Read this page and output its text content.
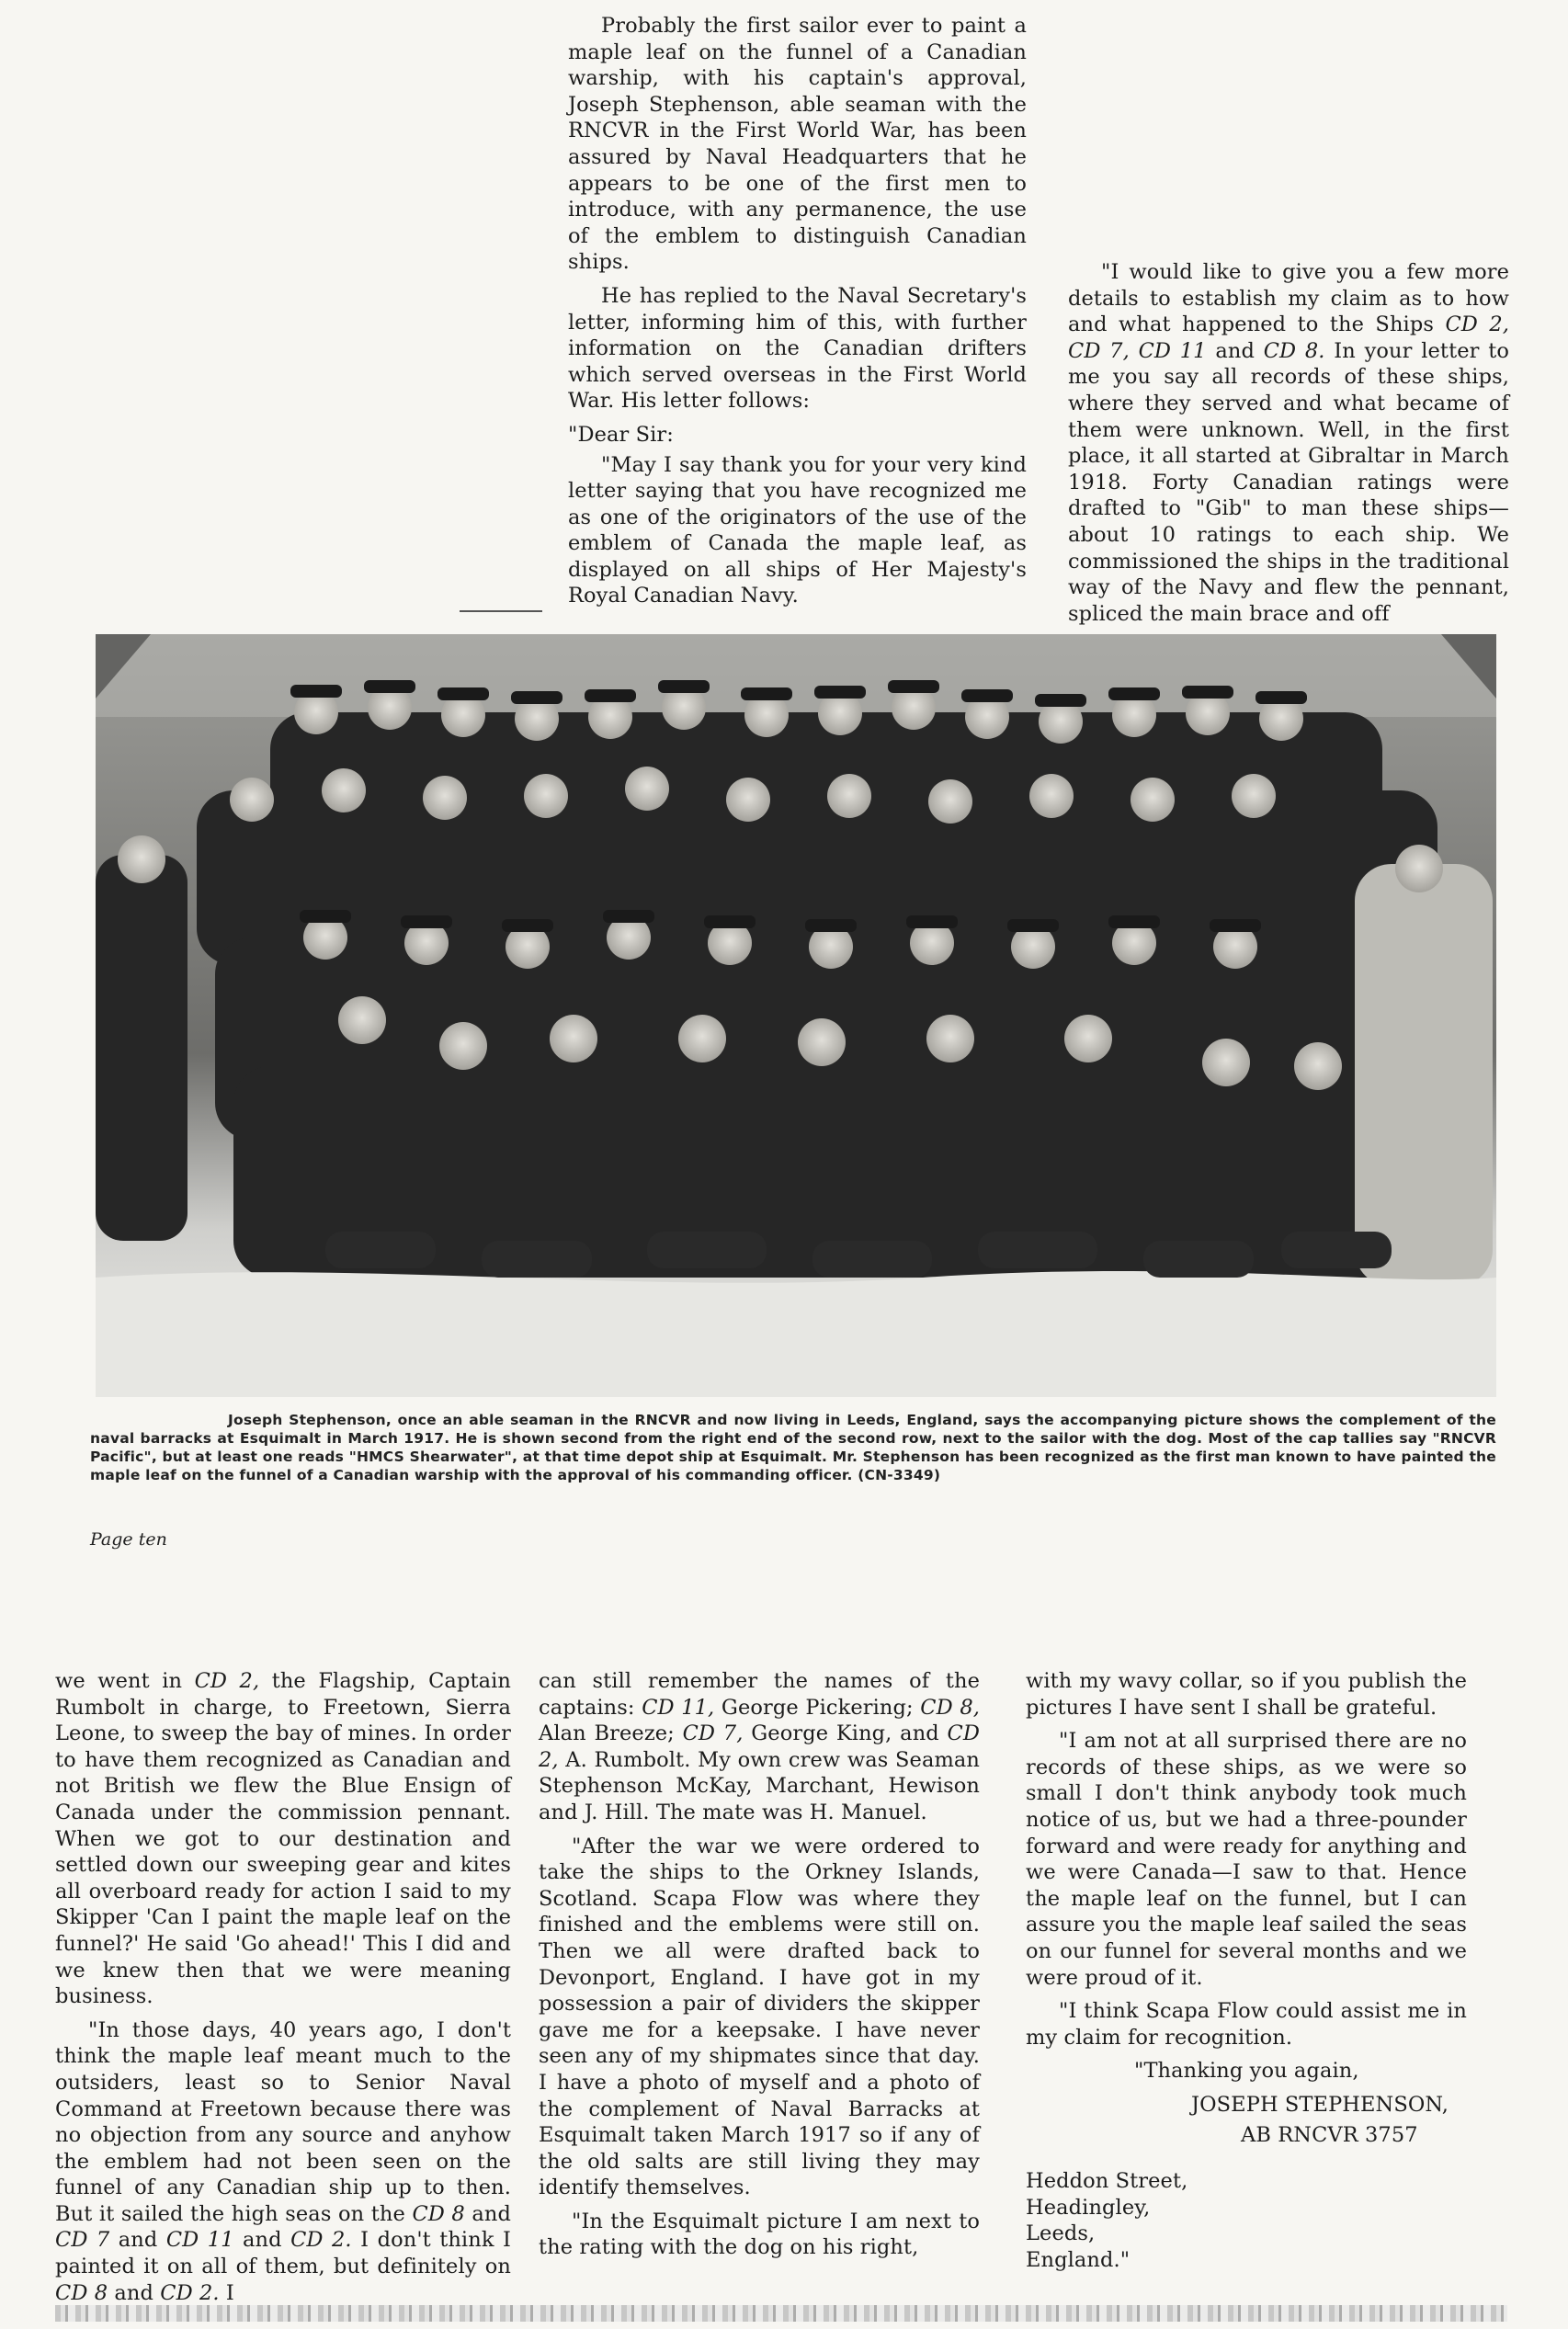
Probably the first sailor ever to paint a maple leaf on the funnel of a Canadian warship, with his captain's approval, Joseph Stephenson, able seaman with the RNCVR in the First World War, has been assured by Naval Headquarters that he appears to be one of the first men to introduce, with any permanence, the use of the emblem to distinguish Canadian ships.

He has replied to the Naval Secretary's letter, informing him of this, with further information on the Canadian drifters which served overseas in the First World War. His letter follows:

"Dear Sir:

"May I say thank you for your very kind letter saying that you have recognized me as one of the originators of the use of the emblem of Canada the maple leaf, as displayed on all ships of Her Majesty's Royal Canadian Navy.

"I would like to give you a few more details to establish my claim as to how and what happened to the Ships CD 2, CD 7, CD 11 and CD 8. In your letter to me you say all records of these ships, where they served and what became of them were unknown. Well, in the first place, it all started at Gibraltar in March 1918. Forty Canadian ratings were drafted to "Gib" to man these ships—about 10 ratings to each ship. We commissioned the ships in the traditional way of the Navy and flew the pennant, spliced the main brace and off

Joseph Stephenson, once an able seaman in the RNCVR and now living in Leeds, England, says the accompanying picture shows the complement of the naval barracks at Esquimalt in March 1917. He is shown second from the right end of the second row, next to the sailor with the dog. Most of the cap tallies say "RNCVR Pacific", but at least one reads "HMCS Shearwater", at that time depot ship at Esquimalt. Mr. Stephenson has been recognized as the first man known to have painted the maple leaf on the funnel of a Canadian warship with the approval of his commanding officer. (CN-3349)

Page ten

we went in CD 2, the Flagship, Captain Rumbolt in charge, to Freetown, Sierra Leone, to sweep the bay of mines. In order to have them recognized as Canadian and not British we flew the Blue Ensign of Canada under the commission pennant. When we got to our destination and settled down our sweeping gear and kites all overboard ready for action I said to my Skipper 'Can I paint the maple leaf on the funnel?' He said 'Go ahead!' This I did and we knew then that we were meaning business.

"In those days, 40 years ago, I don't think the maple leaf meant much to the outsiders, least so to Senior Naval Command at Freetown because there was no objection from any source and anyhow the emblem had not been seen on the funnel of any Canadian ship up to then. But it sailed the high seas on the CD 8 and CD 7 and CD 11 and CD 2. I don't think I painted it on all of them, but definitely on CD 8 and CD 2. I

can still remember the names of the captains: CD 11, George Pickering; CD 8, Alan Breeze; CD 7, George King, and CD 2, A. Rumbolt. My own crew was Seaman Stephenson McKay, Marchant, Hewison and J. Hill. The mate was H. Manuel.

"After the war we were ordered to take the ships to the Orkney Islands, Scotland. Scapa Flow was where they finished and the emblems were still on. Then we all were drafted back to Devonport, England. I have got in my possession a pair of dividers the skipper gave me for a keepsake. I have never seen any of my shipmates since that day. I have a photo of myself and a photo of the complement of Naval Barracks at Esquimalt taken March 1917 so if any of the old salts are still living they may identify themselves.

"In the Esquimalt picture I am next to the rating with the dog on his right,

with my wavy collar, so if you publish the pictures I have sent I shall be grateful.

"I am not at all surprised there are no records of these ships, as we were so small I don't think anybody took much notice of us, but we had a three-pounder forward and were ready for anything and we were Canada—I saw to that. Hence the maple leaf on the funnel, but I can assure you the maple leaf sailed the seas on our funnel for several months and we were proud of it.

"I think Scapa Flow could assist me in my claim for recognition.

"Thanking you again,

JOSEPH STEPHENSON,

AB RNCVR 3757

Heddon Street,
Headingley,
Leeds,
England."
